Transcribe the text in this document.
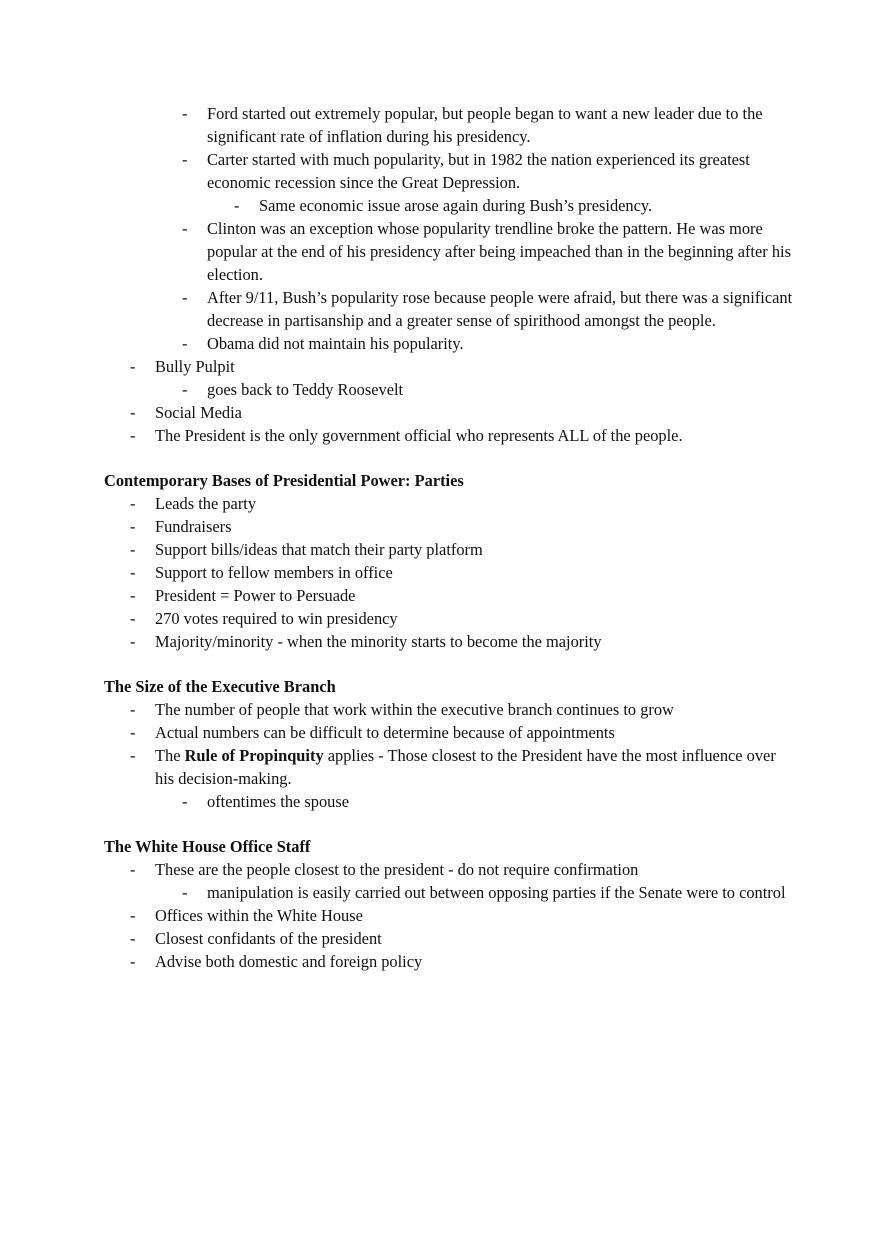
- Ford started out extremely popular, but people began to want a new leader due to the significant rate of inflation during his presidency.
- Carter started with much popularity, but in 1982 the nation experienced its greatest economic recession since the Great Depression.
- Same economic issue arose again during Bush’s presidency.
- Clinton was an exception whose popularity trendline broke the pattern. He was more popular at the end of his presidency after being impeached than in the beginning after his election.
- After 9/11, Bush’s popularity rose because people were afraid, but there was a significant decrease in partisanship and a greater sense of spirithood amongst the people.
- Obama did not maintain his popularity.
- Bully Pulpit
- goes back to Teddy Roosevelt
- Social Media
- The President is the only government official who represents ALL of the people.
Contemporary Bases of Presidential Power: Parties
- Leads the party
- Fundraisers
- Support bills/ideas that match their party platform
- Support to fellow members in office
- President = Power to Persuade
- 270 votes required to win presidency
- Majority/minority - when the minority starts to become the majority
The Size of the Executive Branch
- The number of people that work within the executive branch continues to grow
- Actual numbers can be difficult to determine because of appointments
- The Rule of Propinquity applies - Those closest to the President have the most influence over his decision-making.
- oftentimes the spouse
The White House Office Staff
- These are the people closest to the president - do not require confirmation
- manipulation is easily carried out between opposing parties if the Senate were to control
- Offices within the White House
- Closest confidants of the president
- Advise both domestic and foreign policy
